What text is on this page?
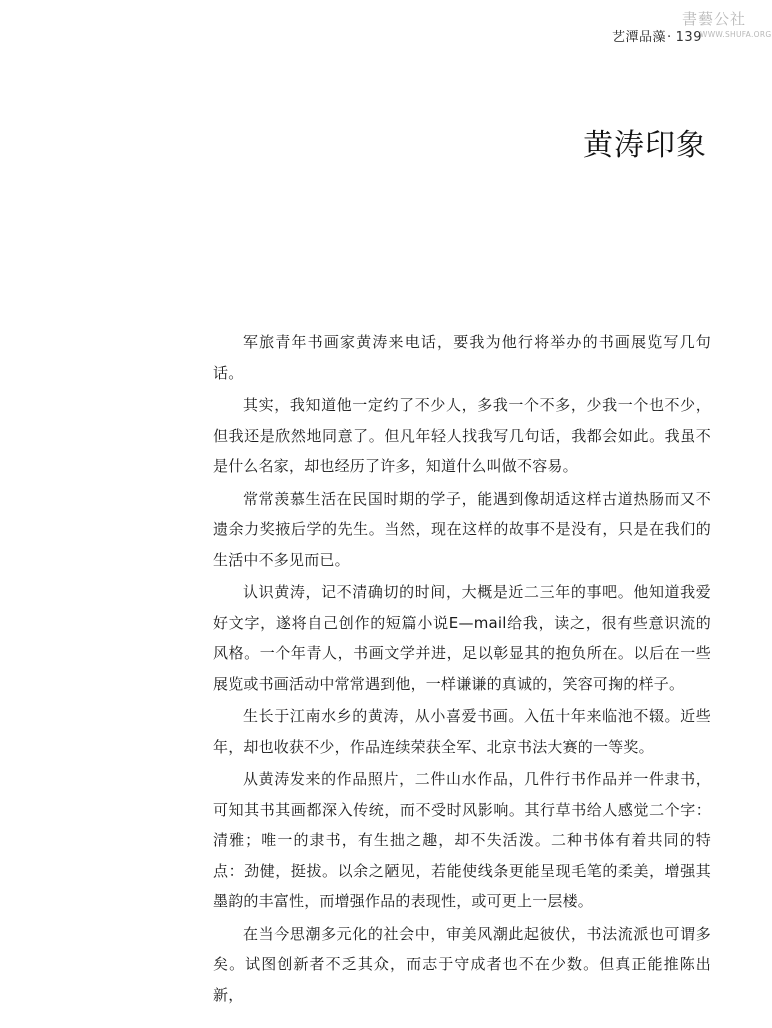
艺潭品藻· 139
書藝公社
WWW.SHUFA.ORG
黄涛印象

军旅青年书画家黄涛来电话，要我为他行将举办的书画展览写几句话。

其实，我知道他一定约了不少人，多我一个不多，少我一个也不少，但我还是欣然地同意了。但凡年轻人找我写几句话，我都会如此。我虽不是什么名家，却也经历了许多，知道什么叫做不容易。

常常羡慕生活在民国时期的学子，能遇到像胡适这样古道热肠而又不遗余力奖掖后学的先生。当然，现在这样的故事不是没有，只是在我们的生活中不多见而已。

认识黄涛，记不清确切的时间，大概是近二三年的事吧。他知道我爱好文字，遂将自己创作的短篇小说E—mail给我，读之，很有些意识流的风格。一个年青人，书画文学并进，足以彰显其的抱负所在。以后在一些展览或书画活动中常常遇到他，一样谦谦的真诚的，笑容可掬的样子。

生长于江南水乡的黄涛，从小喜爱书画。入伍十年来临池不辍。近些年，却也收获不少，作品连续荣获全军、北京书法大赛的一等奖。

从黄涛发来的作品照片，二件山水作品，几件行书作品并一件隶书，可知其书其画都深入传统，而不受时风影响。其行草书给人感觉二个字：清雅；唯一的隶书，有生拙之趣，却不失活泼。二种书体有着共同的特点：劲健，挺拔。以余之陋见，若能使线条更能呈现毛笔的柔美，增强其墨韵的丰富性，而增强作品的表现性，或可更上一层楼。

在当今思潮多元化的社会中，审美风潮此起彼伏，书法流派也可谓多矣。试图创新者不乏其众，而志于守成者也不在少数。但真正能推陈出新，
